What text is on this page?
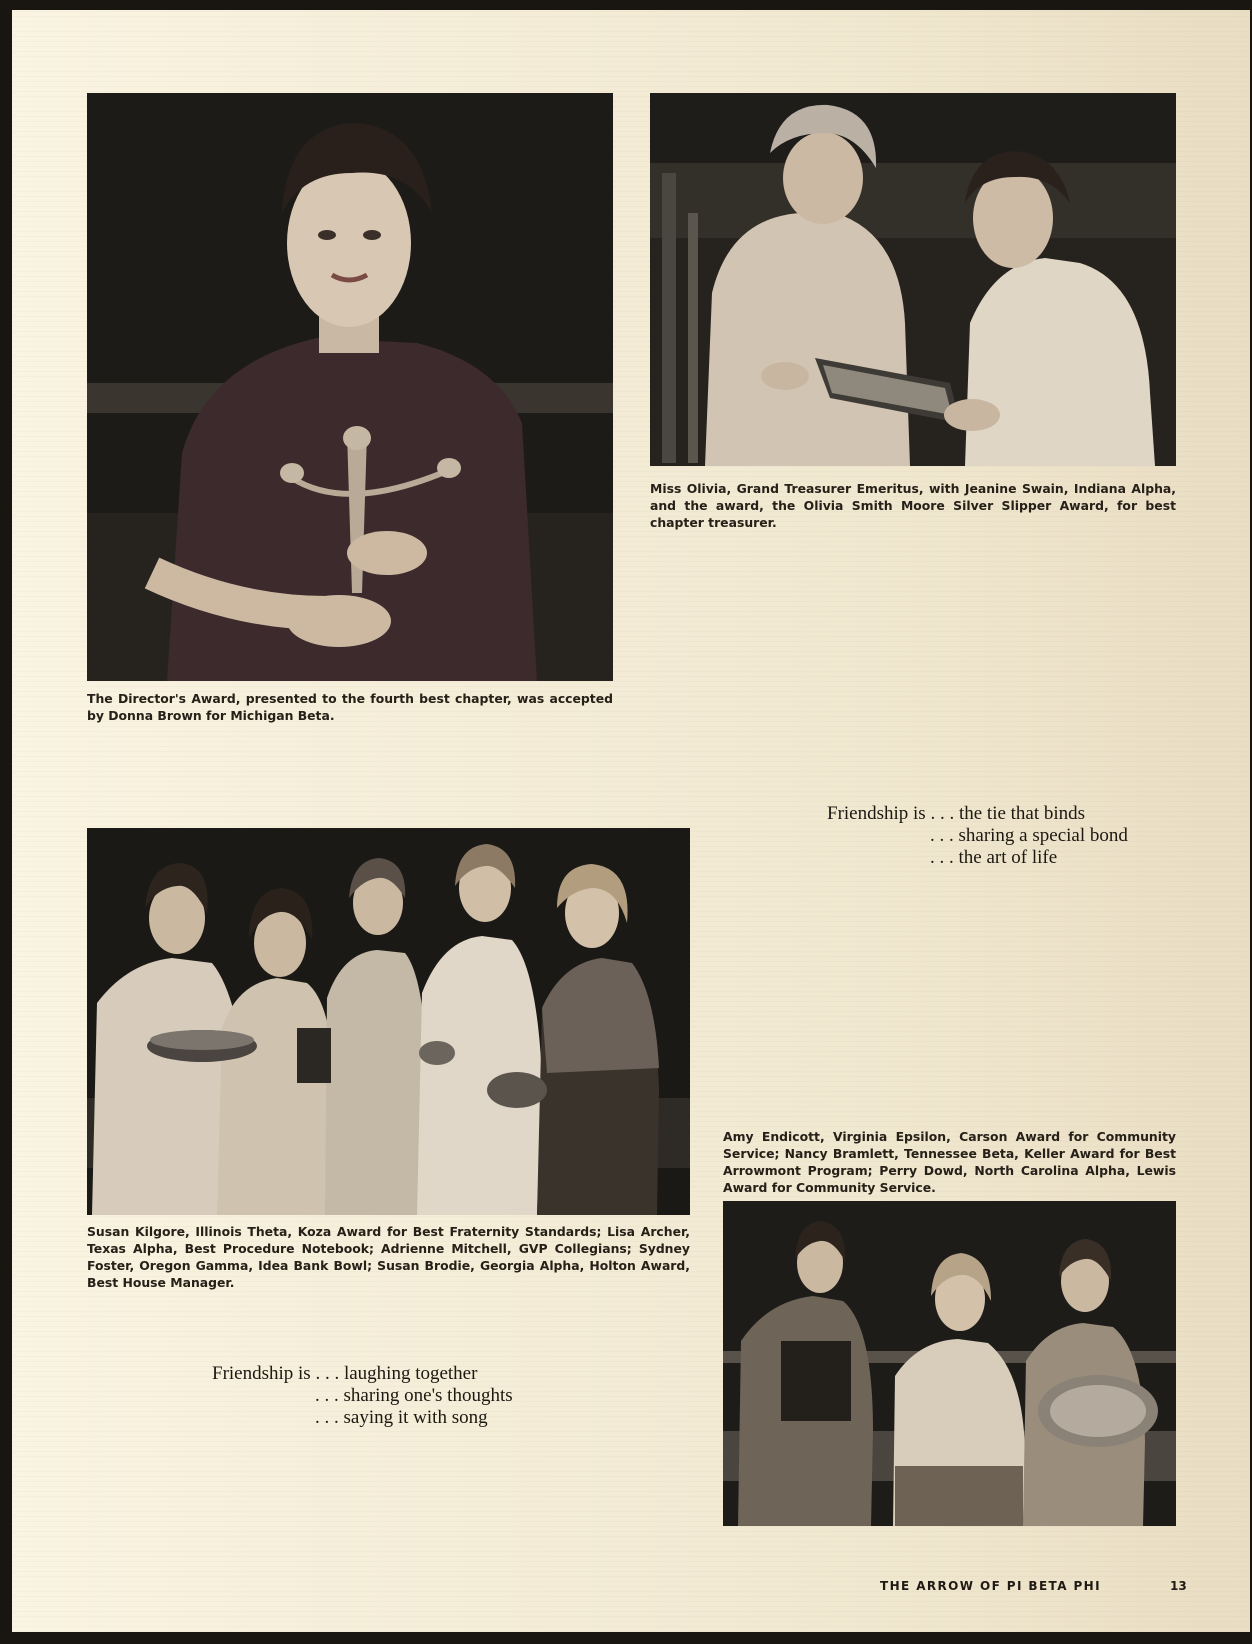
The Director's Award, presented to the fourth best chapter, was accepted by Donna Brown for Michigan Beta.
Miss Olivia, Grand Treasurer Emeritus, with Jeanine Swain, Indiana Alpha, and the award, the Olivia Smith Moore Silver Slipper Award, for best chapter treasurer.
Friendship is . . . the tie that binds
. . . sharing a special bond
. . . the art of life
Susan Kilgore, Illinois Theta, Koza Award for Best Fraternity Standards; Lisa Archer, Texas Alpha, Best Procedure Notebook; Adrienne Mitchell, GVP Collegians; Sydney Foster, Oregon Gamma, Idea Bank Bowl; Susan Brodie, Georgia Alpha, Holton Award, Best House Manager.
Amy Endicott, Virginia Epsilon, Carson Award for Community Service; Nancy Bramlett, Tennessee Beta, Keller Award for Best Arrowmont Program; Perry Dowd, North Carolina Alpha, Lewis Award for Community Service.
Friendship is . . . laughing together
. . . sharing one's thoughts
. . . saying it with song
THE ARROW OF PI BETA PHI	13
